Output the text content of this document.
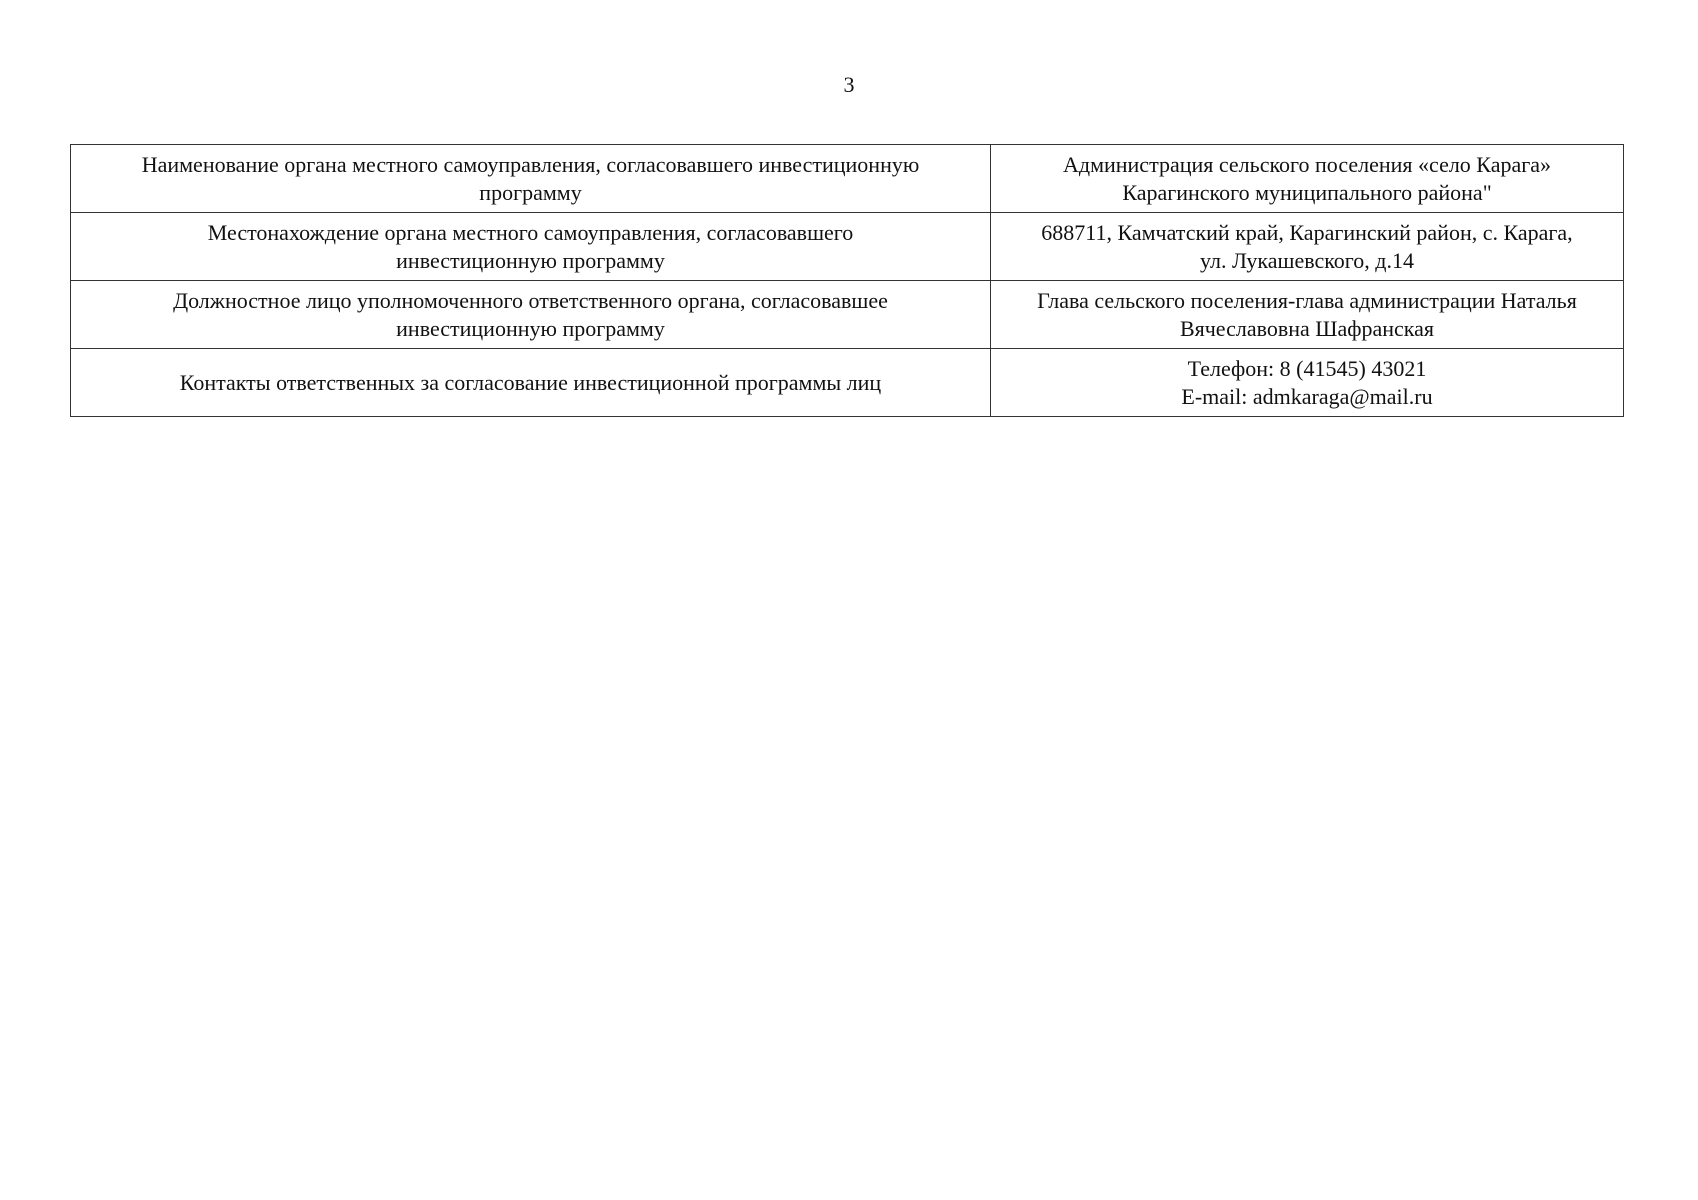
3
Наименование органа местного самоуправления, согласовавшего инвестиционную
программу	Администрация сельского поселения «село Карага»
Карагинского муниципального района"

Местонахождение органа местного самоуправления, согласовавшего
инвестиционную программу	688711, Камчатский край, Карагинский район, с. Карага,
ул. Лукашевского, д.14

Должностное лицо уполномоченного ответственного органа, согласовавшее
инвестиционную программу	Глава сельского поселения-глава администрации Наталья
Вячеславовна Шафранская

Контакты ответственных за согласование инвестиционной программы лиц	Телефон: 8 (41545) 43021
E-mail: admkaraga@mail.ru
